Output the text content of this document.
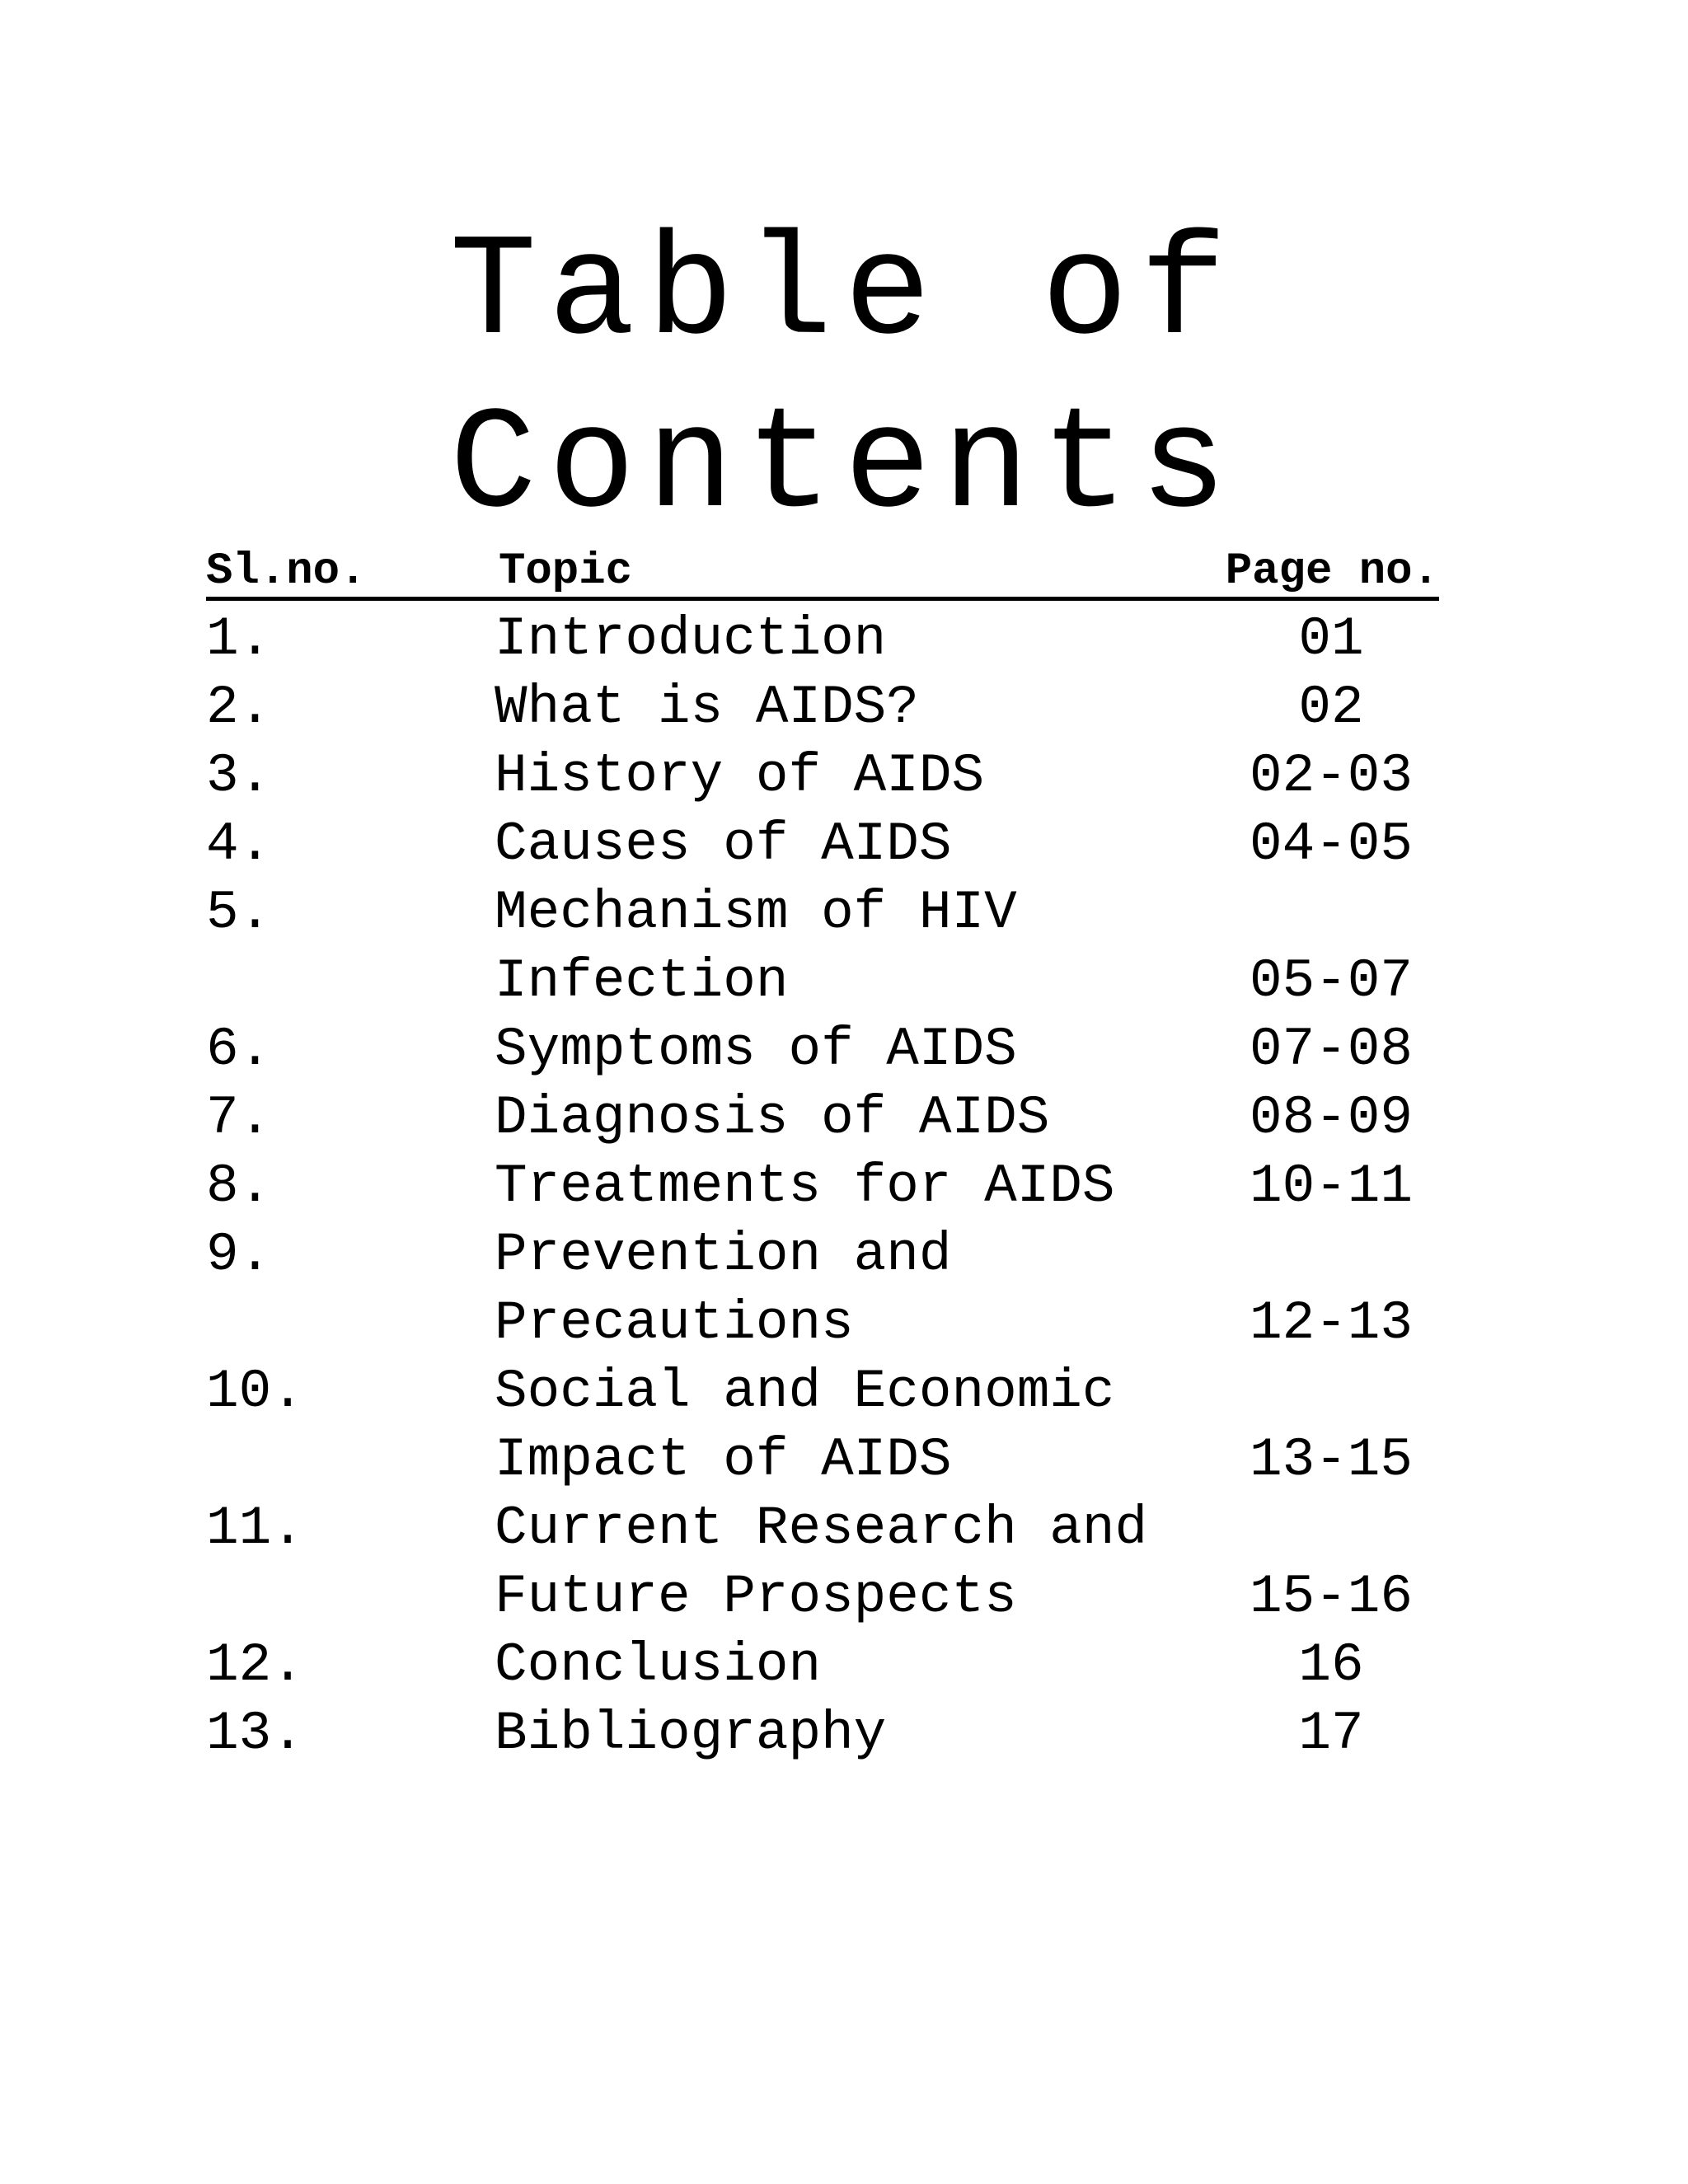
Table of
Contents
Sl.no.	Topic	Page no.
1.	Introduction	01
2.	What is AIDS?	02
3.	History of AIDS	02-03
4.	Causes of AIDS	04-05
5.	Mechanism of HIV
Infection	05-07
6.	Symptoms of AIDS	07-08
7.	Diagnosis of AIDS	08-09
8.	Treatments for AIDS 10-11
9.	Prevention and
Precautions	12-13
10.	Social and Economic
Impact of AIDS	13-15
11.	Current Research and
Future Prospects	15-16
12.	Conclusion	16
13.	Bibliography	17
